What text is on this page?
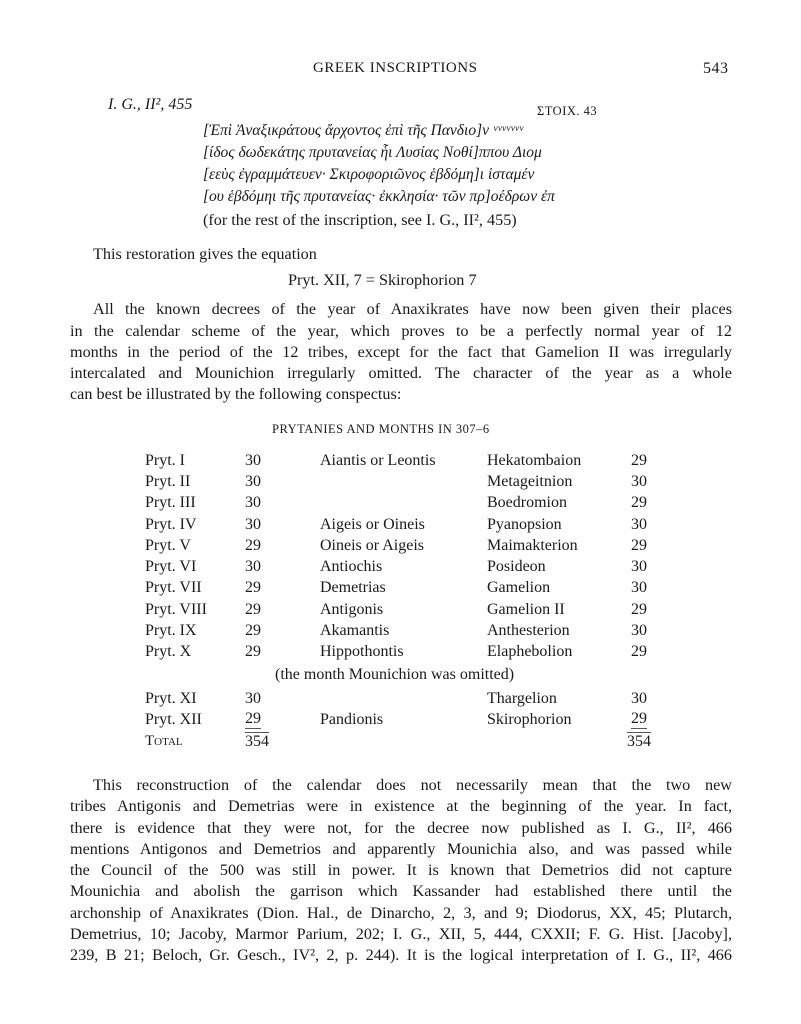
GREEK INSCRIPTIONS	543
I. G., II², 455	ΣΤΟΙΧ. 43
[Ἐπὶ Ἀναξικράτους ἄρχοντος ἐπὶ τῆς Πανδιο]ν ᵛᵛᵛᵛᵛᵛᵛ
[ίδος δωδεκάτης πρυτανείας ἧι Λυσίας Νοθί]ππου Διομ
[εεὺς ἐγραμμάτευεν· Σκιροφοριῶνος ἑβδόμη]ι ἱσταμέν
[ου ἑβδόμηι τῆς πρυτανείας· ἐκκλησία· τῶν πρ]οέδρων ἐπ
(for the rest of the inscription, see I. G., II², 455)
This restoration gives the equation
Pryt. XII, 7 = Skirophorion 7
All the known decrees of the year of Anaxikrates have now been given their places
in the calendar scheme of the year, which proves to be a perfectly normal year of 12
months in the period of the 12 tribes, except for the fact that Gamelion II was irregularly
intercalated and Mounichion irregularly omitted. The character of the year as a whole
can best be illustrated by the following conspectus:
PRYTANIES AND MONTHS IN 307–6
Pryt. I	30	Aiantis or Leontis	Hekatombaion	29
Pryt. II	30		Metageitnion	30
Pryt. III	30		Boedromion	29
Pryt. IV	30	Aigeis or Oineis	Pyanopsion	30
Pryt. V	29	Oineis or Aigeis	Maimakterion	29
Pryt. VI	30	Antiochis	Posideon	30
Pryt. VII	29	Demetrias	Gamelion	30
Pryt. VIII	29	Antigonis	Gamelion II	29
Pryt. IX	29	Akamantis	Anthesterion	30
Pryt. X	29	Hippothontis	Elaphebolion	29
(the month Mounichion was omitted)				
Pryt. XI	30		Thargelion	30
Pryt. XII	29	Pandionis	Skirophorion	29
Total	354			354
This reconstruction of the calendar does not necessarily mean that the two new
tribes Antigonis and Demetrias were in existence at the beginning of the year. In fact,
there is evidence that they were not, for the decree now published as I. G., II², 466
mentions Antigonos and Demetrios and apparently Mounichia also, and was passed while
the Council of the 500 was still in power. It is known that Demetrios did not capture
Mounichia and abolish the garrison which Kassander had established there until the
archonship of Anaxikrates (Dion. Hal., de Dinarcho, 2, 3, and 9; Diodorus, XX, 45; Plutarch,
Demetrius, 10; Jacoby, Marmor Parium, 202; I. G., XII, 5, 444, CXXII; F. G. Hist. [Jacoby],
239, B 21; Beloch, Gr. Gesch., IV², 2, p. 244). It is the logical interpretation of I. G., II², 466
